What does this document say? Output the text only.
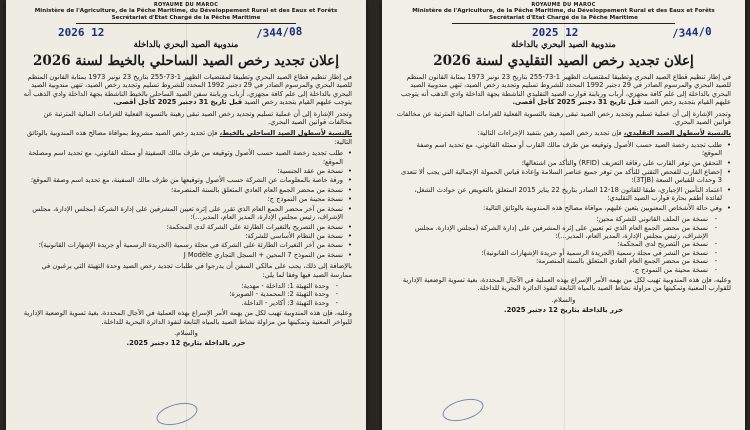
ROYAUME DU MAROC
Ministère de l'Agriculture, de la Pêche Maritime, du Développement Rural et des Eaux et Forêts
Secrétariat d'Etat Chargé de la Pêche Maritime
2026 12	/344/08
مندوبية الصيد البحري بالداخلة
إعلان تجديد رخص الصيد الساحلي بالخيط لسنة 2026

في إطار تنظيم قطاع الصيد البحري وتطبيقا لمقتضيات الظهير 1-73-255 بتاريخ 23 نونبر 1973 بمثابة القانون المنظم للصيد البحري والمرسوم الصادر في 29 دجنبر 1992 المحدد للشروط تسليم وتجديد رخص الصيد، تنهي مندوبية الصيد البحري بالداخلة إلى علم كافة مجهزي، أرباب وربابنة سفن الصيد الساحلي بالخيط الناشطة بجهة الداخلة وادي الذهب أنه يتوجب عليهم القيام بتجديد رخص الصيد قبل تاريخ 31 دجنبر 2025 كأجل أقصى.

وتجدر الإشارة إلى أن عملية تسليم وتجديد رخص الصيد تبقى رهينة بالتسوية الفعلية للغرامات المالية المترتبة عن مخالفات قوانين الصيد البحري.

بالنسبة لأسطول الصيد الساحلي بالخيط، فإن تجديد رخص الصيد مشروط بموافاة مصالح هذه المندوبية بالوثائق التالية:

• طلب تجديد رخصة الصيد حسب الأصول وتوقيعه من طرف مالك السفينة أو ممثله القانوني، مع تحديد اسم ومصلحة الموقع؛
• نسخة من عقد الجنسية؛
• ورقة خاصة بالمعلومات عن الشركة حسب الأصول وتوقيعها من طرف مالك السفينة، مع تحديد اسم وصفة الموقع؛
• نسخة من محضر الجمع العام العادي المتعلق بالسنة المنصرمة؛
• نسخة محينة من النموذج ج؛
• نسخة من آخر محضر الجمع العام الذي تقرر على إثره تعيين المشرفين على إدارة الشركة (مجلس الإدارة، مجلس الإشراف، رئيس مجلس الإدارة، المدير العام، المدير...)؛
• نسخة من التصريح بالتغيرات الطارئة على الشركة لدى المحكمة؛
• نسخة من النظام الأساسي للشركة؛
• نسخة من آخر التغيرات الطارئة على الشركة في مجلة رسمية (الجريدة الرسمية أو جريدة الإشهارات القانونية)؛
• نسخة من النموذج 7 المحين + السجل التجاري J Modèle

بالإضافة إلى ذلك، يجب على مالكي السفن أن يدرجوا في طلبات تجديد رخص الصيد وحدة التهيئة التي يرغبون في ممارسة الصيد فيها وفقا لما يلي:

- وحدة التهيئة 1: الداخلة - مهدية؛
- وحدة التهيئة 2: المحمدية - الصويرة؛
- وحدة التهيئة 3: أكادير - الداخلة.

وعليه، فإن هذه المندوبية تهيب لكل من يهمه الأمر الإسراع بهذه العملية في الآجال المحددة، بغية تسوية الوضعية الإدارية للبواخر المعنية وتمكينها من مزاولة نشاط الصيد بالمياه التابعة لنفوذ الدائرة البحرية للداخلة.

والسلام.
حرر بالداخلة بتاريخ 12 دجنبر 2025.
ROYAUME DU MAROC
Ministère de l'Agriculture, de la Pêche Maritime, du Développement Rural et des Eaux et Forêts
Secrétariat d'Etat Chargé de la Pêche Maritime
2025 12	/344/0
مندوبية الصيد البحري بالداخلة
إعلان تجديد رخص الصيد التقليدي لسنة 2026

في إطار تنظيم قطاع الصيد البحري وتطبيقا لمقتضيات الظهير 1-73-255 بتاريخ 23 نونبر 1973 بمثابة القانون المنظم للصيد البحري والمرسوم الصادر في 29 دجنبر 1992 المحدد للشروط تسليم وتجديد رخص الصيد، تنهي مندوبية الصيد البحري بالداخلة إلى علم كافة مجهزي، أرباب وربابنة قوارب الصيد التقليدي الناشطة بجهة الداخلة وادي الذهب أنه يتوجب عليهم القيام بتجديد رخص الصيد قبل تاريخ 31 دجنبر 2025 كأجل أقصى.

وتجدر الإشارة إلى أن عملية تسليم وتجديد رخص الصيد تبقى رهينة بالتسوية الفعلية للغرامات المالية المترتبة عن مخالفات قوانين الصيد البحري.

بالنسبة لأسطول الصيد التقليدي، فإن تجديد رخص الصيد رهين بتنفيذ الإجراءات التالية:

• طلب تجديد رخصة الصيد حسب الأصول وتوقيعه من طرف مالك القارب أو ممثله القانوني، مع تحديد اسم وصفة الموقع؛
• التحقق من توفر القارب على رقاقة التعريف (RFID) والتأكد من اشتغالها؛
• إخضاع القارب للفحص التقني للتأكد من توفر جميع عناصر السلامة وإعادة قياس الحمولة الإجمالية التي يجب ألا تتعدى 3 وحدات للقياس السعة (3TJB)؛
• اعتماد التأمين الإجباري، طبقا للقانون 18-12 الصادر بتاريخ 22 يناير 2015 المتعلق بالتعويض عن حوادث الشغل، لفائدة أطقم بحارة قوارب الصيد التقليدي؛
• وفي حالة الأشخاص المعنويين يتعين عليهم، موافاة مصالح هذه المندوبية بالوثائق التالية:
- نسخة من الملف القانوني للشركة محين؛
- نسخة من محضر الجمع العام الذي تم تعيين على إثره المشرفين على إدارة الشركة (مجلس الإدارة، مجلس الإشراف، رئيس مجلس الإدارة، المدير العام، المدير...)؛
- نسخة من التصريح لدى المحكمة؛
- نسخة من النشر في مجلة رسمية (الجريدة الرسمية أو جريدة الإشهارات القانونية)؛
- نسخة من محضر الجمع العام العادي المتعلق بالسنة المنصرمة؛
- نسخة محينة من النموذج ج.

وعليه، فإن هذه المندوبية تهيب لكل من يهمه الأمر الإسراع بهذه العملية في الآجال المحددة، بغية تسوية الوضعية الإدارية للقوارب المعنية وتمكينها من مزاولة نشاط الصيد بالمياه التابعة لنفوذ الدائرة البحرية للداخلة.

والسلام.
حرر بالداخلة بتاريخ 12 دجنبر 2025.
